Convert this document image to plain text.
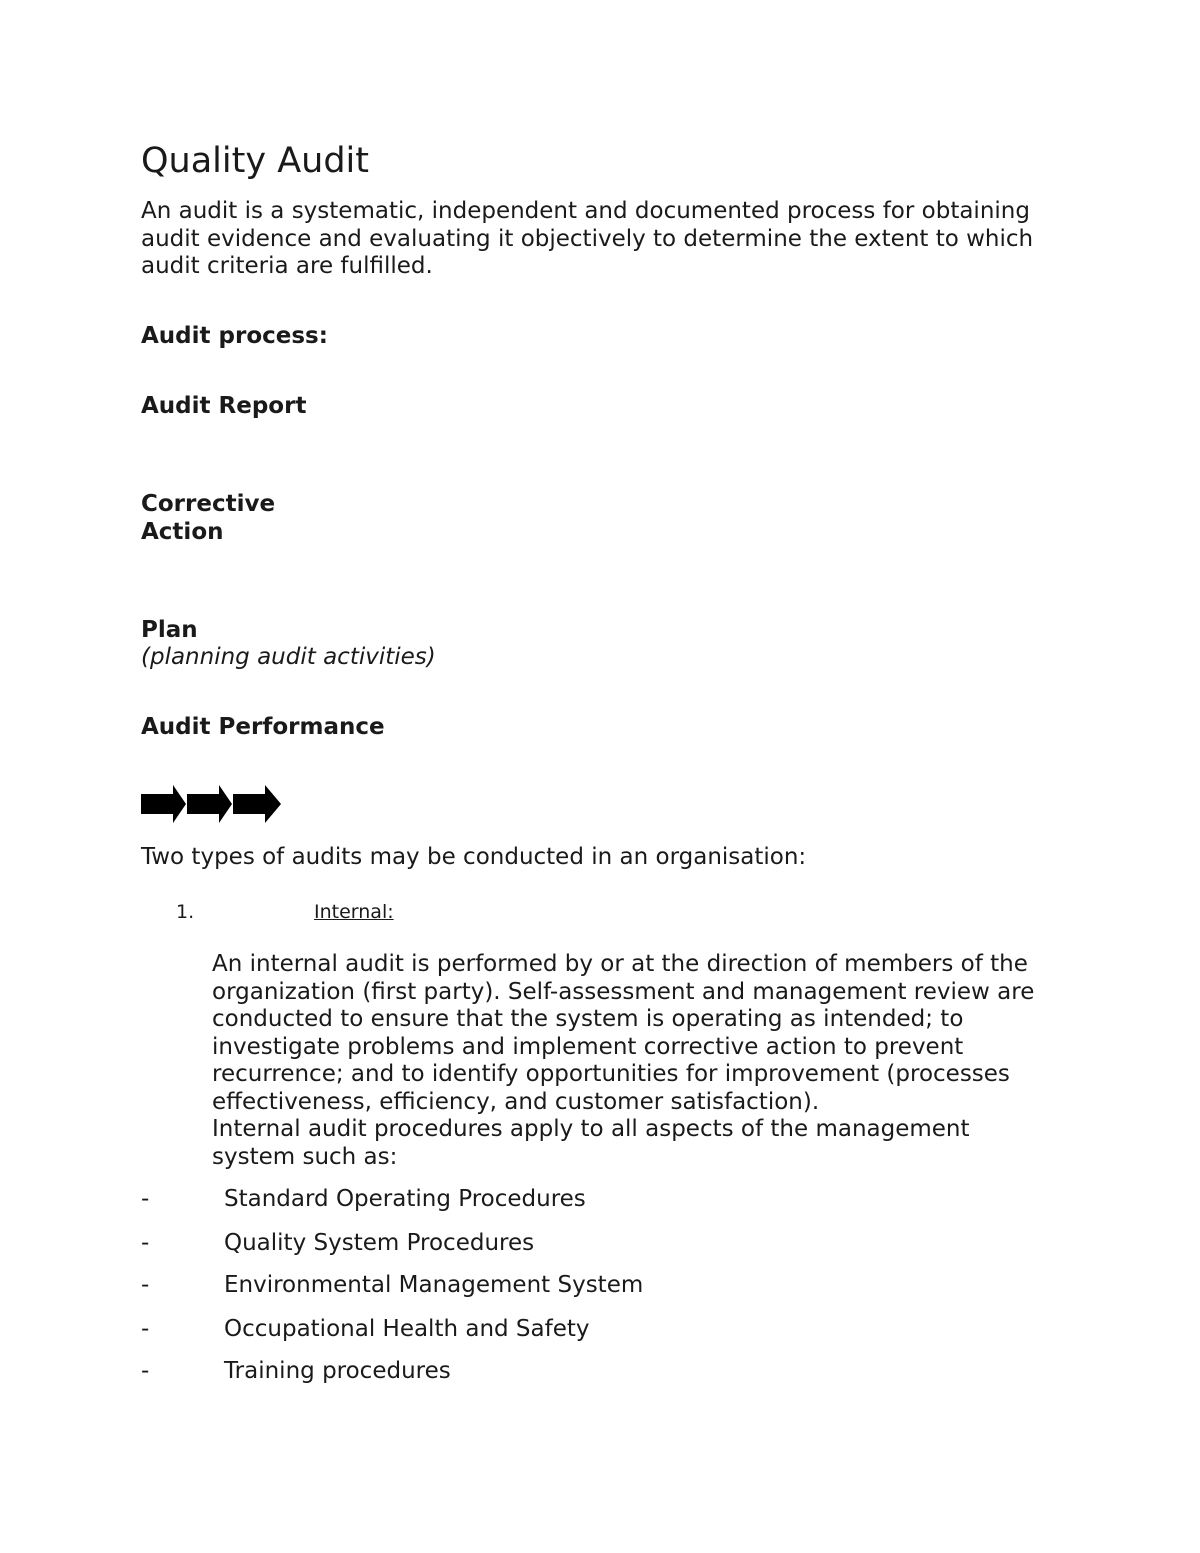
Quality Audit
An audit is a systematic, independent and documented process for obtaining
audit evidence and evaluating it objectively to determine the extent to which
audit criteria are fulfilled.
Audit process:
Audit Report
Corrective
Action
Plan
(planning audit activities)
Audit Performance
Two types of audits may be conducted in an organisation:
1.	Internal:
An internal audit is performed by or at the direction of members of the
organization (first party). Self-assessment and management review are
conducted to ensure that the system is operating as intended; to
investigate problems and implement corrective action to prevent
recurrence; and to identify opportunities for improvement (processes
effectiveness, efficiency, and customer satisfaction).
Internal audit procedures apply to all aspects of the management
system such as:
-	Standard Operating Procedures
-	Quality System Procedures
-	Environmental Management System
-	Occupational Health and Safety
-	Training procedures
